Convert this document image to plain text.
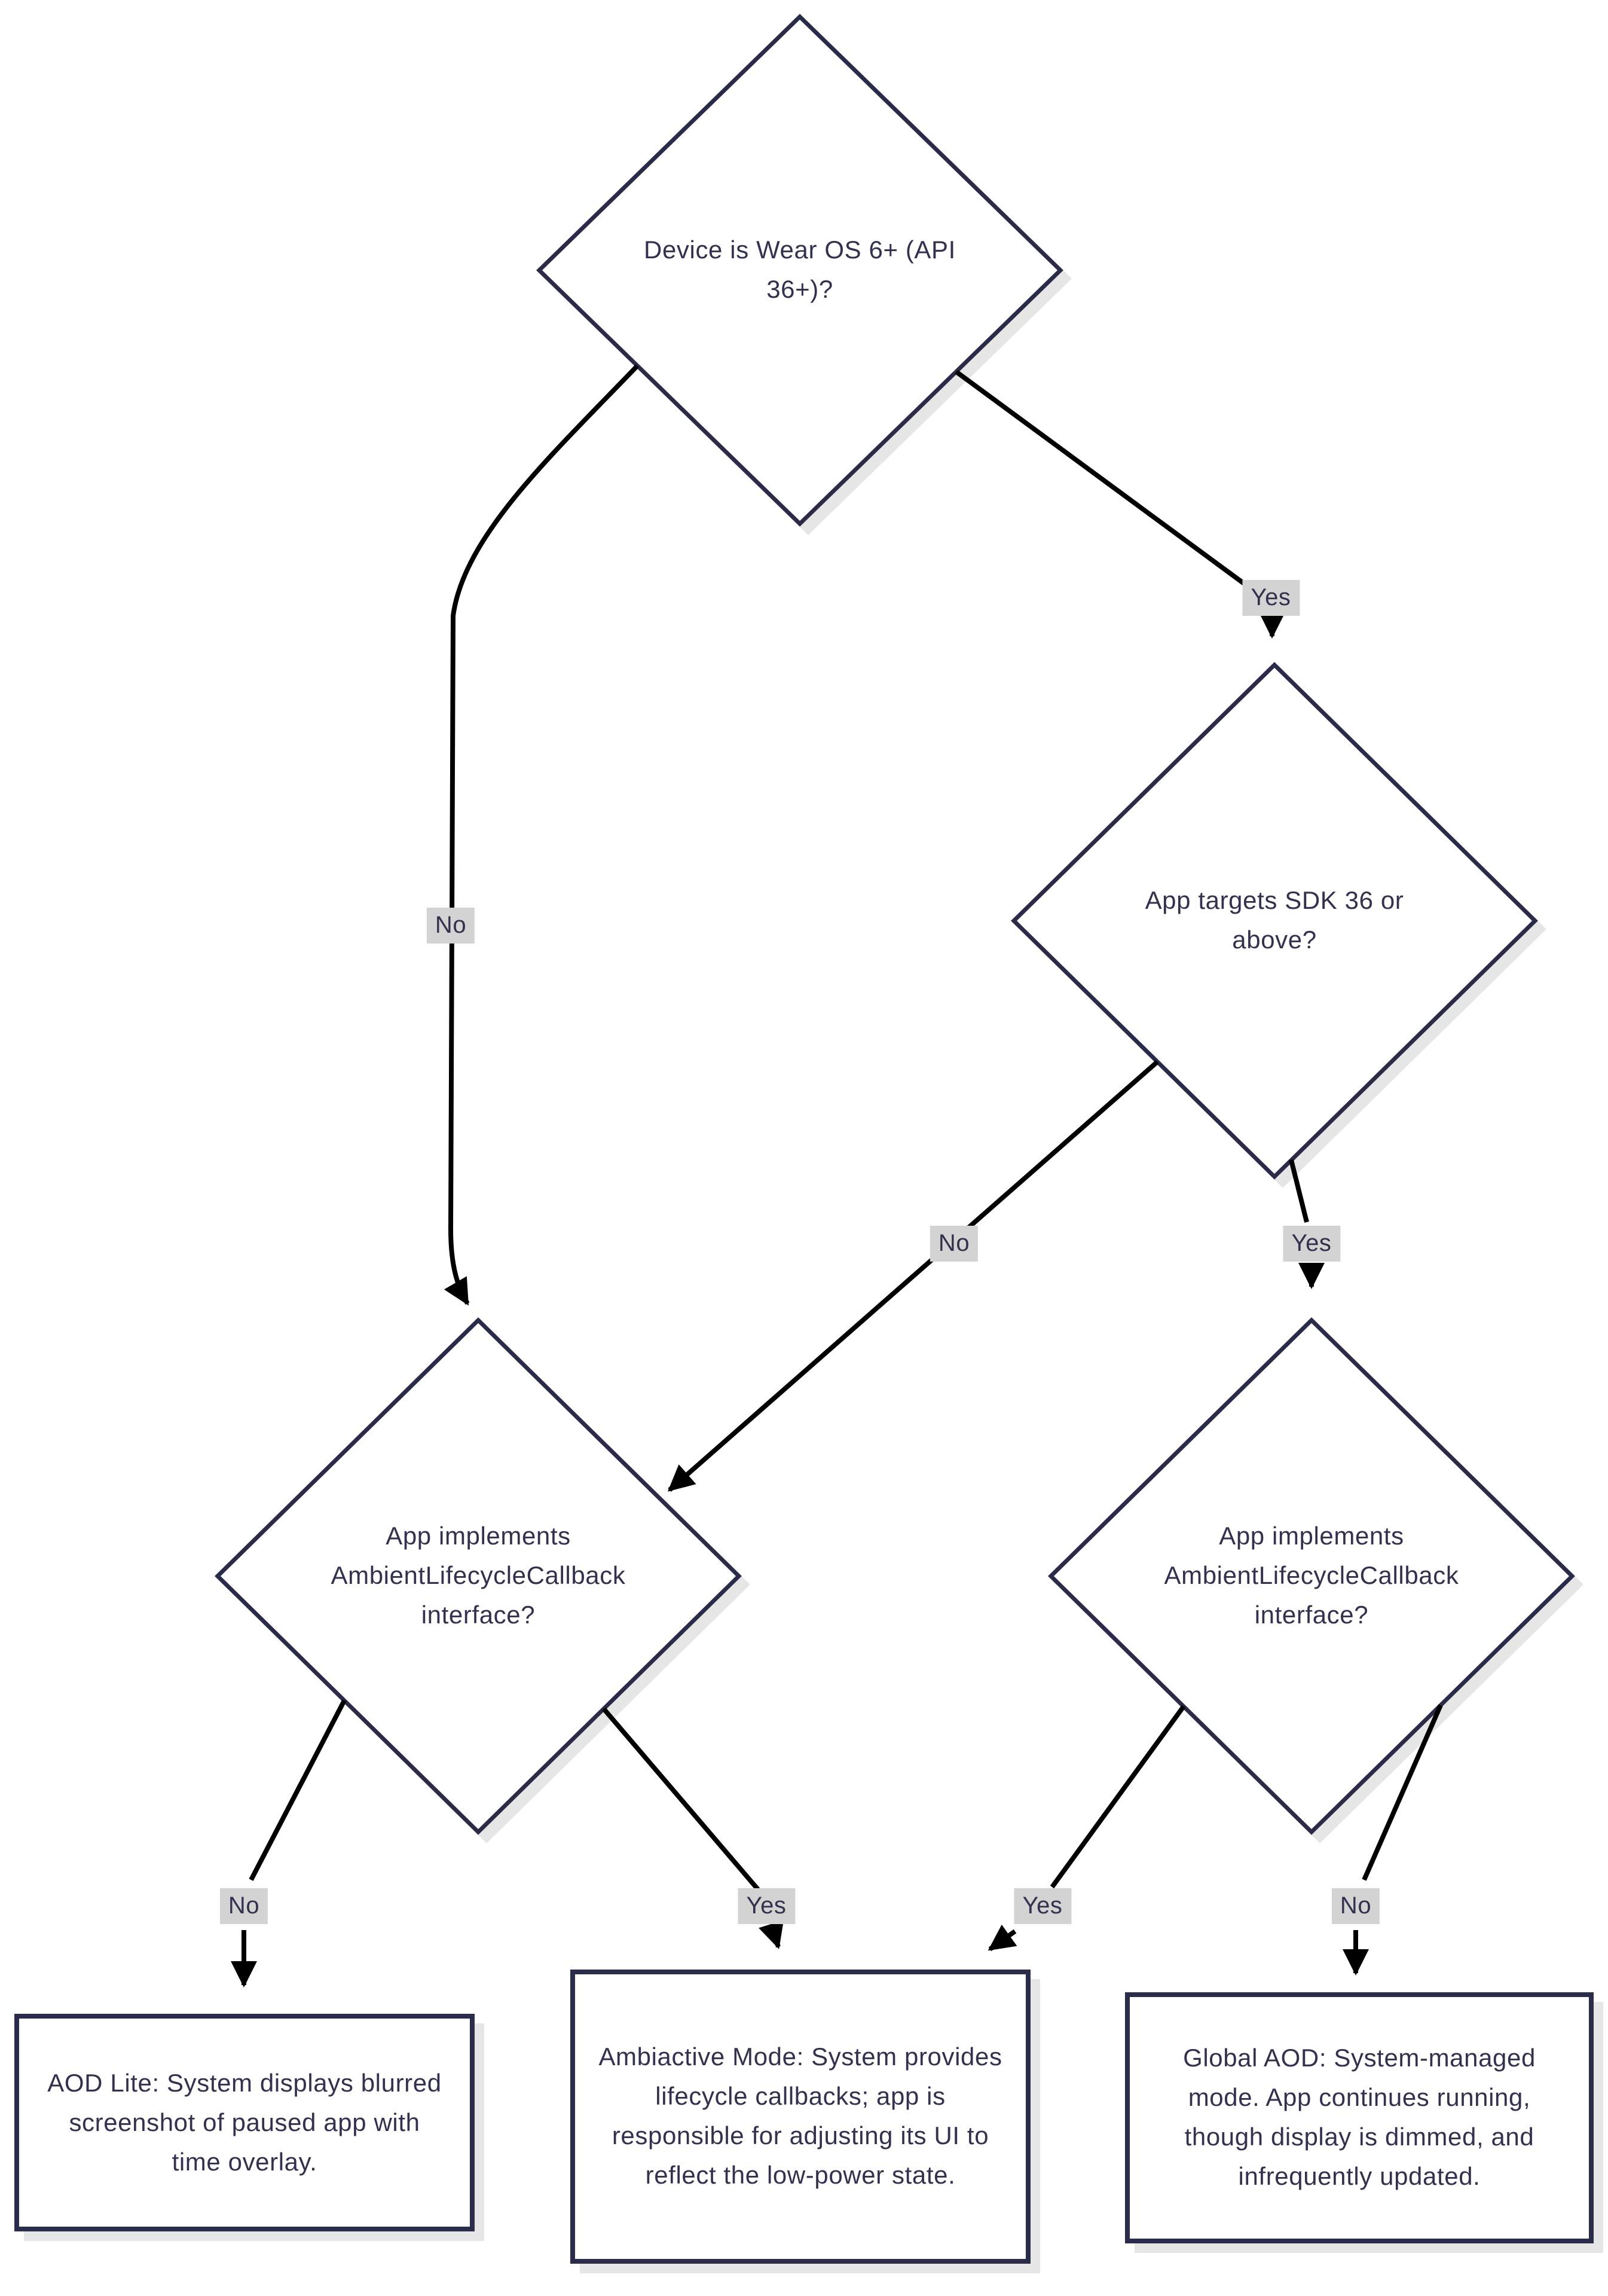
Device is Wear OS 6+ (API 36+)?
App targets SDK 36 or above?
App implements AmbientLifecycleCallback interface?
App implements AmbientLifecycleCallback interface?
No
Yes
No	Yes
No	Yes	Yes	No
AOD Lite: System displays blurred screenshot of paused app with time overlay.
Ambiactive Mode: System provides lifecycle callbacks; app is responsible for adjusting its UI to reflect the low-power state.
Global AOD: System-managed mode. App continues running, though display is dimmed, and infrequently updated.
